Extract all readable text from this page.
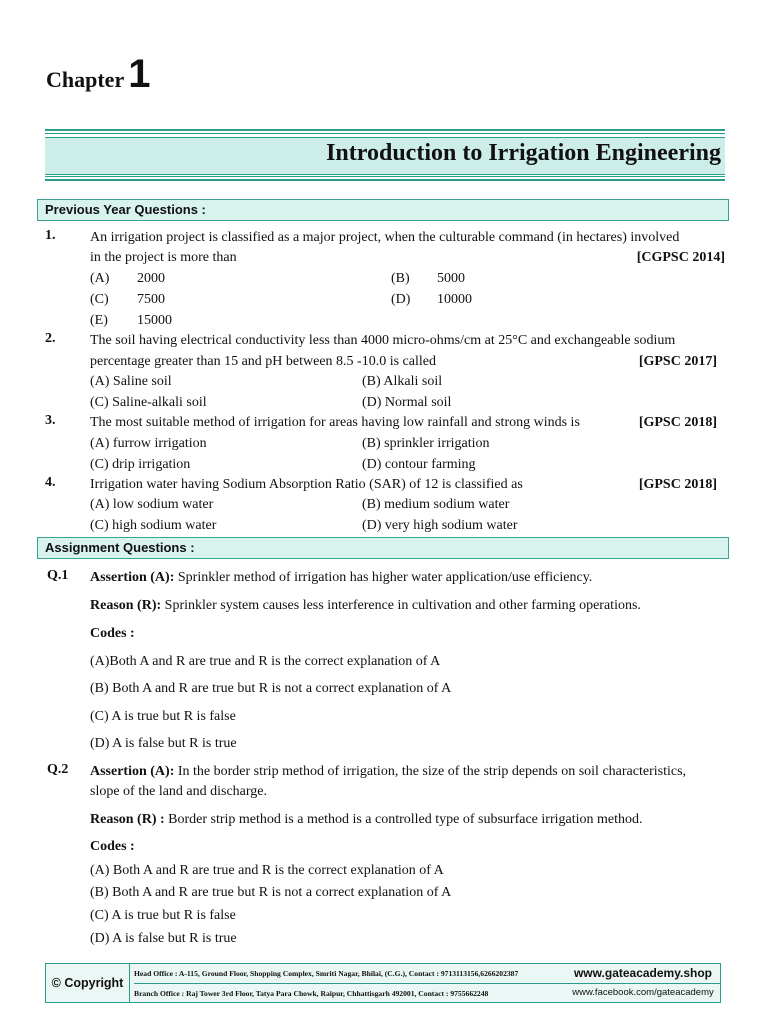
Chapter 1
Introduction to Irrigation Engineering
Previous Year Questions :
1. An irrigation project is classified as a major project, when the culturable command (in hectares) involved
in the project is more than	[CGPSC 2014]
(A) 2000	(B) 5000
(C) 7500	(D) 10000
(E) 15000
2. The soil having electrical conductivity less than 4000 micro-ohms/cm at 25°C and exchangeable sodium
percentage greater than 15 and pH between 8.5 -10.0 is called	[GPSC 2017]
(A) Saline soil	(B) Alkali soil
(C) Saline-alkali soil	(D) Normal soil
3. The most suitable method of irrigation for areas having low rainfall and strong winds is	[GPSC 2018]
(A) furrow irrigation	(B) sprinkler irrigation
(C) drip irrigation	(D) contour farming
4. Irrigation water having Sodium Absorption Ratio (SAR) of 12 is classified as	[GPSC 2018]
(A) low sodium water	(B) medium sodium water
(C) high sodium water	(D) very high sodium water
Assignment Questions :
Q.1 Assertion (A): Sprinkler method of irrigation has higher water application/use efficiency.
Reason (R): Sprinkler system causes less interference in cultivation and other farming operations.
Codes :
(A)Both A and R are true and R is the correct explanation of A
(B) Both A and R are true but R is not a correct explanation of A
(C) A is true but R is false
(D) A is false but R is true
Q.2 Assertion (A): In the border strip method of irrigation, the size of the strip depends on soil characteristics,
slope of the land and discharge.
Reason (R) : Border strip method is a method is a controlled type of subsurface irrigation method.
Codes :
(A) Both A and R are true and R is the correct explanation of A
(B) Both A and R are true but R is not a correct explanation of A
(C) A is true but R is false
(D) A is false but R is true
© Copyright
Head Office : A-115, Ground Floor, Shopping Complex, Smriti Nagar, Bhilai, (C.G.), Contact : 9713113156,6266202387
Branch Office : Raj Tower 3rd Floor, Tatya Para Chowk, Raipur, Chhattisgarh 492001, Contact : 9755662248
www.gateacademy.shop
www.facebook.com/gateacademy
